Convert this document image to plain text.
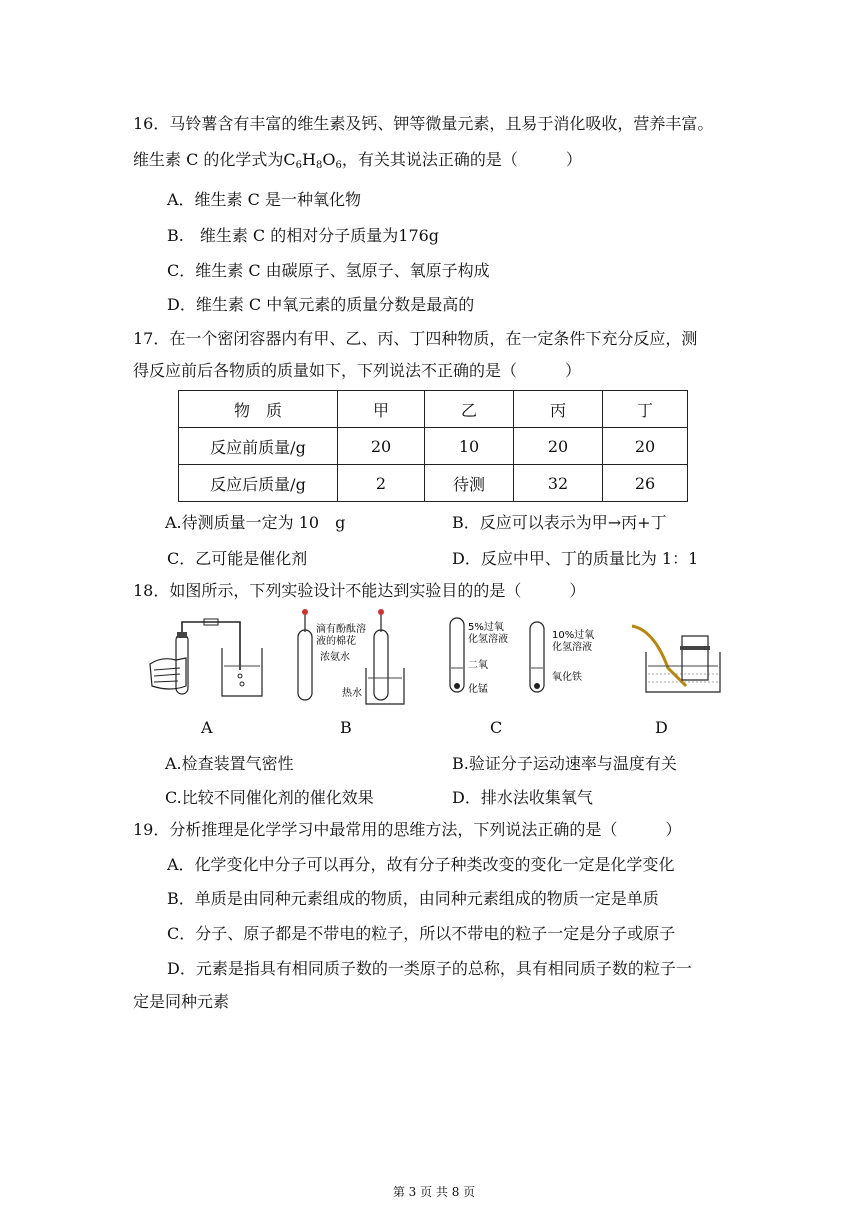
16．马铃薯含有丰富的维生素及钙、钾等微量元素，且易于消化吸收，营养丰富。
维生素 C 的化学式为$C_6H_8O_6$，有关其说法正确的是（　　　）
A．维生素 C 是一种氧化物
B.　维生素 C 的相对分子质量为176g
C．维生素 C 由碳原子、氢原子、氧原子构成
D．维生素 C 中氧元素的质量分数是最高的
17．在一个密闭容器内有甲、乙、丙、丁四种物质，在一定条件下充分反应，测
得反应前后各物质的质量如下，下列说法不正确的是（　　　）
物　质	甲	乙	丙	丁
反应前质量/g	20	10	20	20
反应后质量/g	2	待测	32	26
A.待测质量一定为 10　g	B．反应可以表示为甲→丙+丁
C．乙可能是催化剂	D．反应中甲、丁的质量比为 1：1
18．如图所示，下列实验设计不能达到实验目的的是（　　　）
滴有酚酞溶
液的棉花
浓氨水
热水
5%过氧
化氢溶液
二氧
化锰
10%过氧
化氢溶液
氧化铁
A	B	C	D
A.检查装置气密性	B.验证分子运动速率与温度有关
C.比较不同催化剂的催化效果	D．排水法收集氧气
19．分析推理是化学学习中最常用的思维方法，下列说法正确的是（　　　）
A．化学变化中分子可以再分，故有分子种类改变的变化一定是化学变化
B．单质是由同种元素组成的物质，由同种元素组成的物质一定是单质
C．分子、原子都是不带电的粒子，所以不带电的粒子一定是分子或原子
D．元素是指具有相同质子数的一类原子的总称，具有相同质子数的粒子一
定是同种元素
第 3 页 共 8 页
